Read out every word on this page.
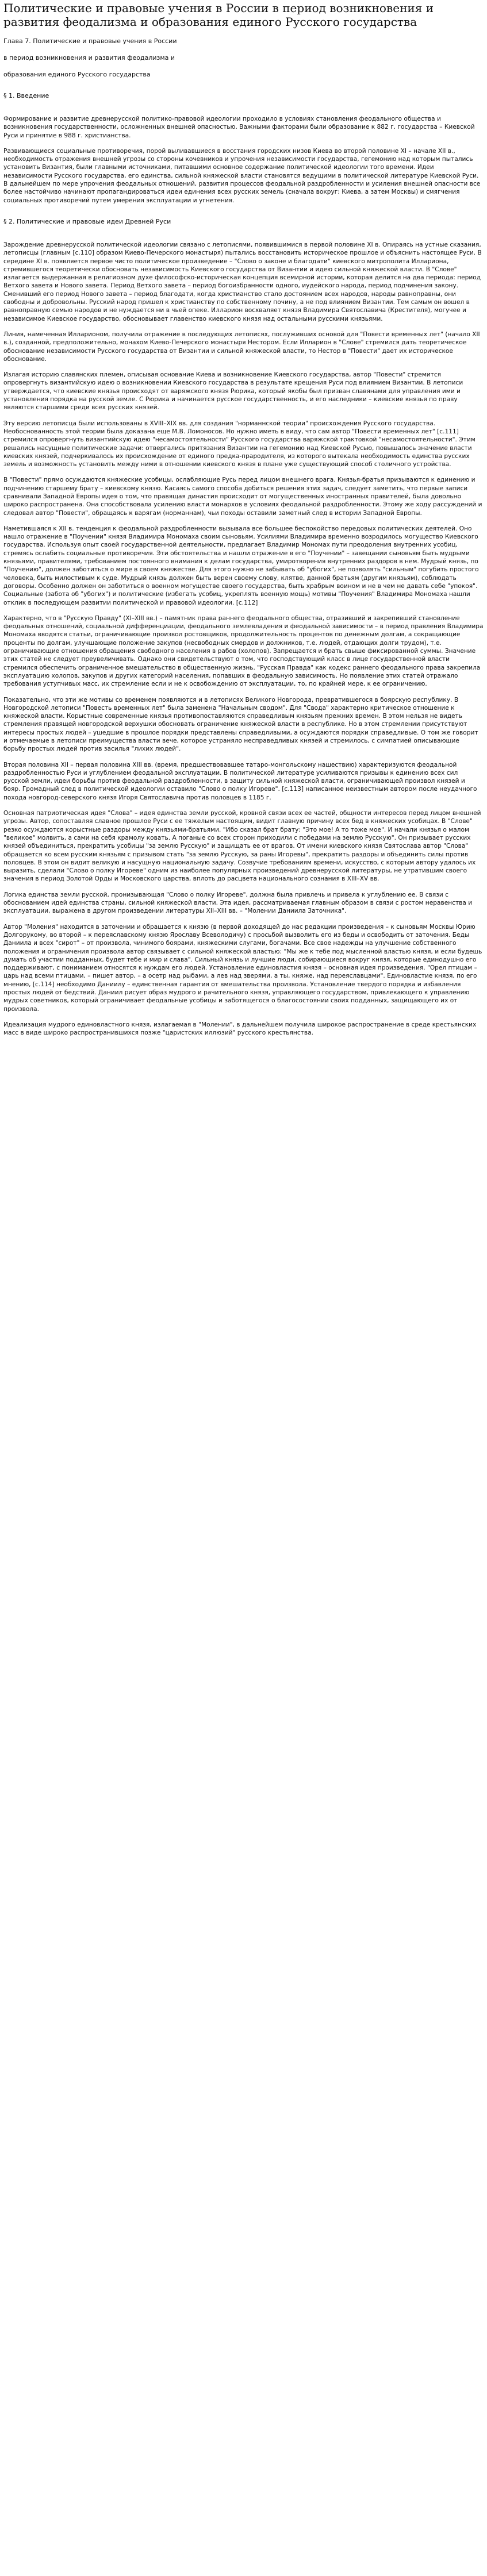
Политические и правовые учения в России в период возникновения и развития феодализма и образования единого Русского государства

Глава 7. Политические и правовые учения в России

в период возникновения и развития феодализма и

образования единого Русского государства

§ 1. Введение

Формирование и развитие древнерусской политико-правовой идеологии проходило в условиях становления феодального общества и возникновения государственности, осложненных внешней опасностью. Важными факторами были образование к 882 г. государства – Киевской Руси и принятие в 988 г. христианства.

Развивающиеся социальные противоречия, порой выливавшиеся в восстания городских низов Киева во второй половине XI – начале XII в., необходимость отражения внешней угрозы со стороны кочевников и упрочения независимости государства, гегемонию над которым пытались установить Византия, были главными источниками, питавшими основное содержание политической идеологии того времени. Идеи независимости Русского государства, его единства, сильной княжеской власти становятся ведущими в политической литературе Киевской Руси. В дальнейшем по мере упрочения феодальных отношений, развития процессов феодальной раздробленности и усиления внешней опасности все более настойчиво начинают пропагандироваться идеи единения всех русских земель (сначала вокруг: Киева, а затем Москвы) и смягчения социальных противоречий путем умерения эксплуатации и угнетения.

§ 2. Политические и правовые идеи Древней Руси

Зарождение древнерусской политической идеологии связано с летописями, появившимися в первой половине XI в. Опираясь на устные сказания, летописцы (главным [с.110] образом Киево-Печерского монастыря) пытались восстановить историческое прошлое и объяснить настоящее Руси. В середине XI в. появляется первое чисто политическое произведение – "Слово о законе и благодати" киевского митрополита Иллариона, стремившегося теоретически обосновать независимость Киевского государства от Византии и идею сильной княжеской власти. В "Слове" излагается выдержанная в религиозном духе философско-историческая концепция всемирной истории, которая делится на два периода: период Ветхого завета и Нового завета. Период Ветхого завета – период богоизбранности одного, иудейского народа, период подчинения закону. Сменивший его период Нового завета – период благодати, когда христианство стало достоянием всех народов, народы равноправны, они свободны и добровольны. Русский народ пришел к христианству по собственному почину, а не под влиянием Византии. Тем самым он вошел в равноправную семью народов и не нуждается ни в чьей опеке. Илларион восхваляет князя Владимира Святославича (Крестителя), могучее и независимое Киевское государство, обосновывает главенство киевского князя над остальными русскими князьями.

Линия, намеченная Илларионом, получила отражение в последующих летописях, послуживших основой для "Повести временных лет" (начало XII в.), созданной, предположительно, монахом Киево-Печерского монастыря Нестором. Если Илларион в "Слове" стремился дать теоретическое обоснование независимости Русского государства от Византии и сильной княжеской власти, то Нестор в "Повести" дает их историческое обоснование.

Излагая историю славянских племен, описывая основание Киева и возникновение Киевского государства, автор "Повести" стремится опровергнуть византийскую идею о возникновении Киевского государства в результате крещения Руси под влиянием Византии. В летописи утверждается, что киевские князья происходят от варяжского князя Рюрика, который якобы был призван славянами для управления ими и установления порядка на русской земле. С Рюрика и начинается русское государственность, и его наследники – киевские князья по праву являются старшими среди всех русских князей.

Эту версию летописца были использованы в XVIII–XIX вв. для создания "норманнской теории" происхождения Русского государства. Необоснованность этой теории была доказана еще М.В. Ломоносов. Но нужно иметь в виду, что сам автор "Повести временных лет" [с.111] стремился опровергнуть византийскую идею "несамостоятельности" Русского государства варяжской трактовкой "несамостоятельности". Этим решались насущные политические задачи: отвергались притязания Византии на гегемонию над Киевской Русью, повышалось значение власти киевских князей, подчеркивалось их происхождение от единого предка-прародителя, из которого вытекала необходимость единства русских земель и возможность установить между ними в отношении киевского князя в плане уже существующий способ столичного устройства.

В "Повести" прямо осуждаются княжеские усобицы, ослабляющие Русь перед лицом внешнего врага. Князья-братья призываются к единению и подчинению старшему брату – киевскому князю. Касаясь самого способа добиться решения этих задач, следует заметить, что первые записи сравнивали Западной Европы идея о том, что правящая династия происходит от могущественных иностранных правителей, была довольно широко распространена. Она способствовала усилению власти монархов в условиях феодальной раздробленности. Этому же ходу рассуждений и следовал автор "Повести", обращаясь к варягам (норманнам), чьи походы оставили заметный след в истории Западной Европы.

Наметившаяся к XII в. тенденция к феодальной раздробленности вызывала все большее беспокойство передовых политических деятелей. Оно нашло отражение в "Поучении" князя Владимира Мономаха своим сыновьям. Усилиями Владимира временно возродилось могущество Киевского государства. Используя опыт своей государственной деятельности, предлагает Владимир Мономах пути преодоления внутренних усобиц, стремясь ослабить социальные противоречия. Эти обстоятельства и нашли отражение в его "Поучении" – завещании сыновьям быть мудрыми князьями, правителями, требованием постоянного внимания к делам государства, умиротворения внутренних раздоров в нем. Мудрый князь, по "Поучению", должен заботиться о мире в своем княжестве. Для этого нужно не забывать об "убогих", не позволять "сильным" погубить простого человека, быть милостивым к суде. Мудрый князь должен быть верен своему слову, клятве, данной братьям (другим князьям), соблюдать договоры. Особенно должен он заботиться о военном могуществе своего государства, быть храбрым воином и не в чем не давать себе "упокоя". Социальные (заботa об "убогих") и политические (избегать усобиц, укреплять военную мощь) мотивы "Поучения" Владимира Мономаха нашли отклик в последующем развитии политической и правовой идеологии. [с.112]

Характерно, что в "Русскую Правду" (XI–XIII вв.) – памятник права раннего феодального общества, отразивший и закрепивший становление феодальных отношений, социальной дифференциации, феодального землевладения и феодальной зависимости – в период правления Владимира Мономаха вводятся статьи, ограничивающие произвол ростовщиков, продолжительность процентов по денежным долгам, а сокращающие проценты по долгам, улучшающие положение закупов (несвободных смердов и должников, т.е. людей, отдающих долги трудом), т.е. ограничивающие отношения обращения свободного населения в рабов (холопов). Запрещается и брать свыше фиксированной суммы. Значение этих статей не следует преувеличивать. Однако они свидетельствуют о том, что господствующий класс в лице государственной власти стремился обеспечить ограниченное вмешательство в общественную жизнь. "Русская Правда" как кодекс раннего феодального права закрепила эксплуатацию холопов, закупов и других категорий населения, попавших в феодальную зависимость. Но появление этих статей отражало требования уступчивых масс, их стремление если и не к освобождению от эксплуатации, то, по крайней мере, к ее ограничению.

Показательно, что эти же мотивы со временем появляются и в летописях Великого Новгорода, превратившегося в боярскую республику. В Новгородской летописи "Повесть временных лет" была заменена "Начальным сводом". Для "Свода" характерно критическое отношение к княжеской власти. Корыстные современные князья противопоставляются справедливым князьям прежних времен. В этом нельзя не видеть стремления правящей новгородской верхушки обосновать ограничение княжеской власти в республике. Но в этом стремлении присутствуют интересы простых людей – ушедшие в прошлое порядки представлены справедливыми, а осуждаются порядки справедливые. О том же говорит и отмечаемые в летописи преимущества власти вече, которое устраняло несправедливых князей и стремилось, с симпатией описывающие борьбу простых людей против засилья "лихих людей".

Вторая половина XII – первая половина XIII вв. (время, предшествовавшее татаро-монгольскому нашествию) характеризуются феодальной раздробленностью Руси и углублением феодальной эксплуатации. В политической литературе усиливаются призывы к единению всех сил русской земли, идеи борьбы против феодальной раздробленности, в защиту сильной княжеской власти, ограничивающей произвол князей и бояр. Громадный след в политической идеологии оставило "Слово о полку Игореве". [с.113] написанное неизвестным автором после неудачного похода новгород-северского князя Игоря Святославича против половцев в 1185 г.

Основная патриотическая идея "Слова" – идея единства земли русской, кровной связи всех ее частей, общности интересов перед лицом внешней угрозы. Автор, сопоставляя славное прошлое Руси с ее тяжелым настоящим, видит главную причину всех бед в княжеских усобицах. В "Слове" резко осуждаются корыстные раздоры между князьями-братьями. "Ибо сказал брат брату: "Это мое! А то тоже мое". И начали князья о малом "великое" молвить, а сами на себя крамолу ковать. А поганые со всех сторон приходили с победами на землю Русскую". Он призывает русских князей объединиться, прекратить усобицы "за землю Русскую" и защищать ее от врагов. От имени киевского князя Святослава автор "Слова" обращается ко всем русским князьям с призывом стать "за землю Русскую, за раны Игоревы", прекратить раздоры и объединить силы против половцев. В этом он видит великую и насущную национальную задачу. Созвучие требованиям времени, искусство, с которым автору удалось их выразить, сделали "Слово о полку Игореве" одним из наиболее популярных произведений древнерусской литературы, не утратившим своего значения в период Золотой Орды и Московского царства, вплоть до расцвета национального сознания в XIII–XV вв.

Логика единства земли русской, пронизывающая "Слово о полку Игореве", должна была привлечь и привела к углублению ее. В связи с обоснованием идей единства страны, сильной княжеской власти. Эта идея, рассматриваемая главным образом в связи с ростом неравенства и эксплуатации, выражена в другом произведении литературы XII–XIII вв. – "Молении Даниила Заточника".

Автор "Моления" находится в заточении и обращается к князю (в первой доходящей до нас редакции произведения – к сыновьям Москвы Юрию Долгорукому, во второй – к переяславскому князю Ярославу Всеволодичу) с просьбой вызволить его из беды и освободить от заточения. Беды Даниила и всех "сирот" – от произвола, чинимого боярами, княжескими слугами, богачами. Все свое надежды на улучшение собственного положения и ограничения произвола автор связывает с сильной княжеской властью: "Мы же к тебе под мысленной властью князя, и если будешь думать об участии подданных, будет тебе и мир и слава". Сильный князь и лучшие люди, собирающиеся вокруг князя, которые единодушно его поддерживают, с пониманием относятся к нуждам его людей. Установление единовластия князя – основная идея произведения. "Орел птицам – царь над всеми птицами, – пишет автор, – а осетр над рыбами, а лев над зверями, а ты, княже, над переяславцами". Единовластие князя, по его мнению, [с.114] необходимо Даниилу – единственная гарантия от вмешательства произвола. Установление твердого порядка и избавления простых людей от бедствий. Даниил рисует образ мудрого и рачительного князя, управляющего государством, привлекающего к управлению мудрых советников, который ограничивает феодальные усобицы и заботящегося о благосостоянии своих подданных, защищающего их от произвола.

Идеализация мудрого единовластного князя, излагаемая в "Молении", в дальнейшем получила широкое распространение в среде крестьянских масс в виде широко распространившихся позже "царистских иллюзий" русского крестьянства.
